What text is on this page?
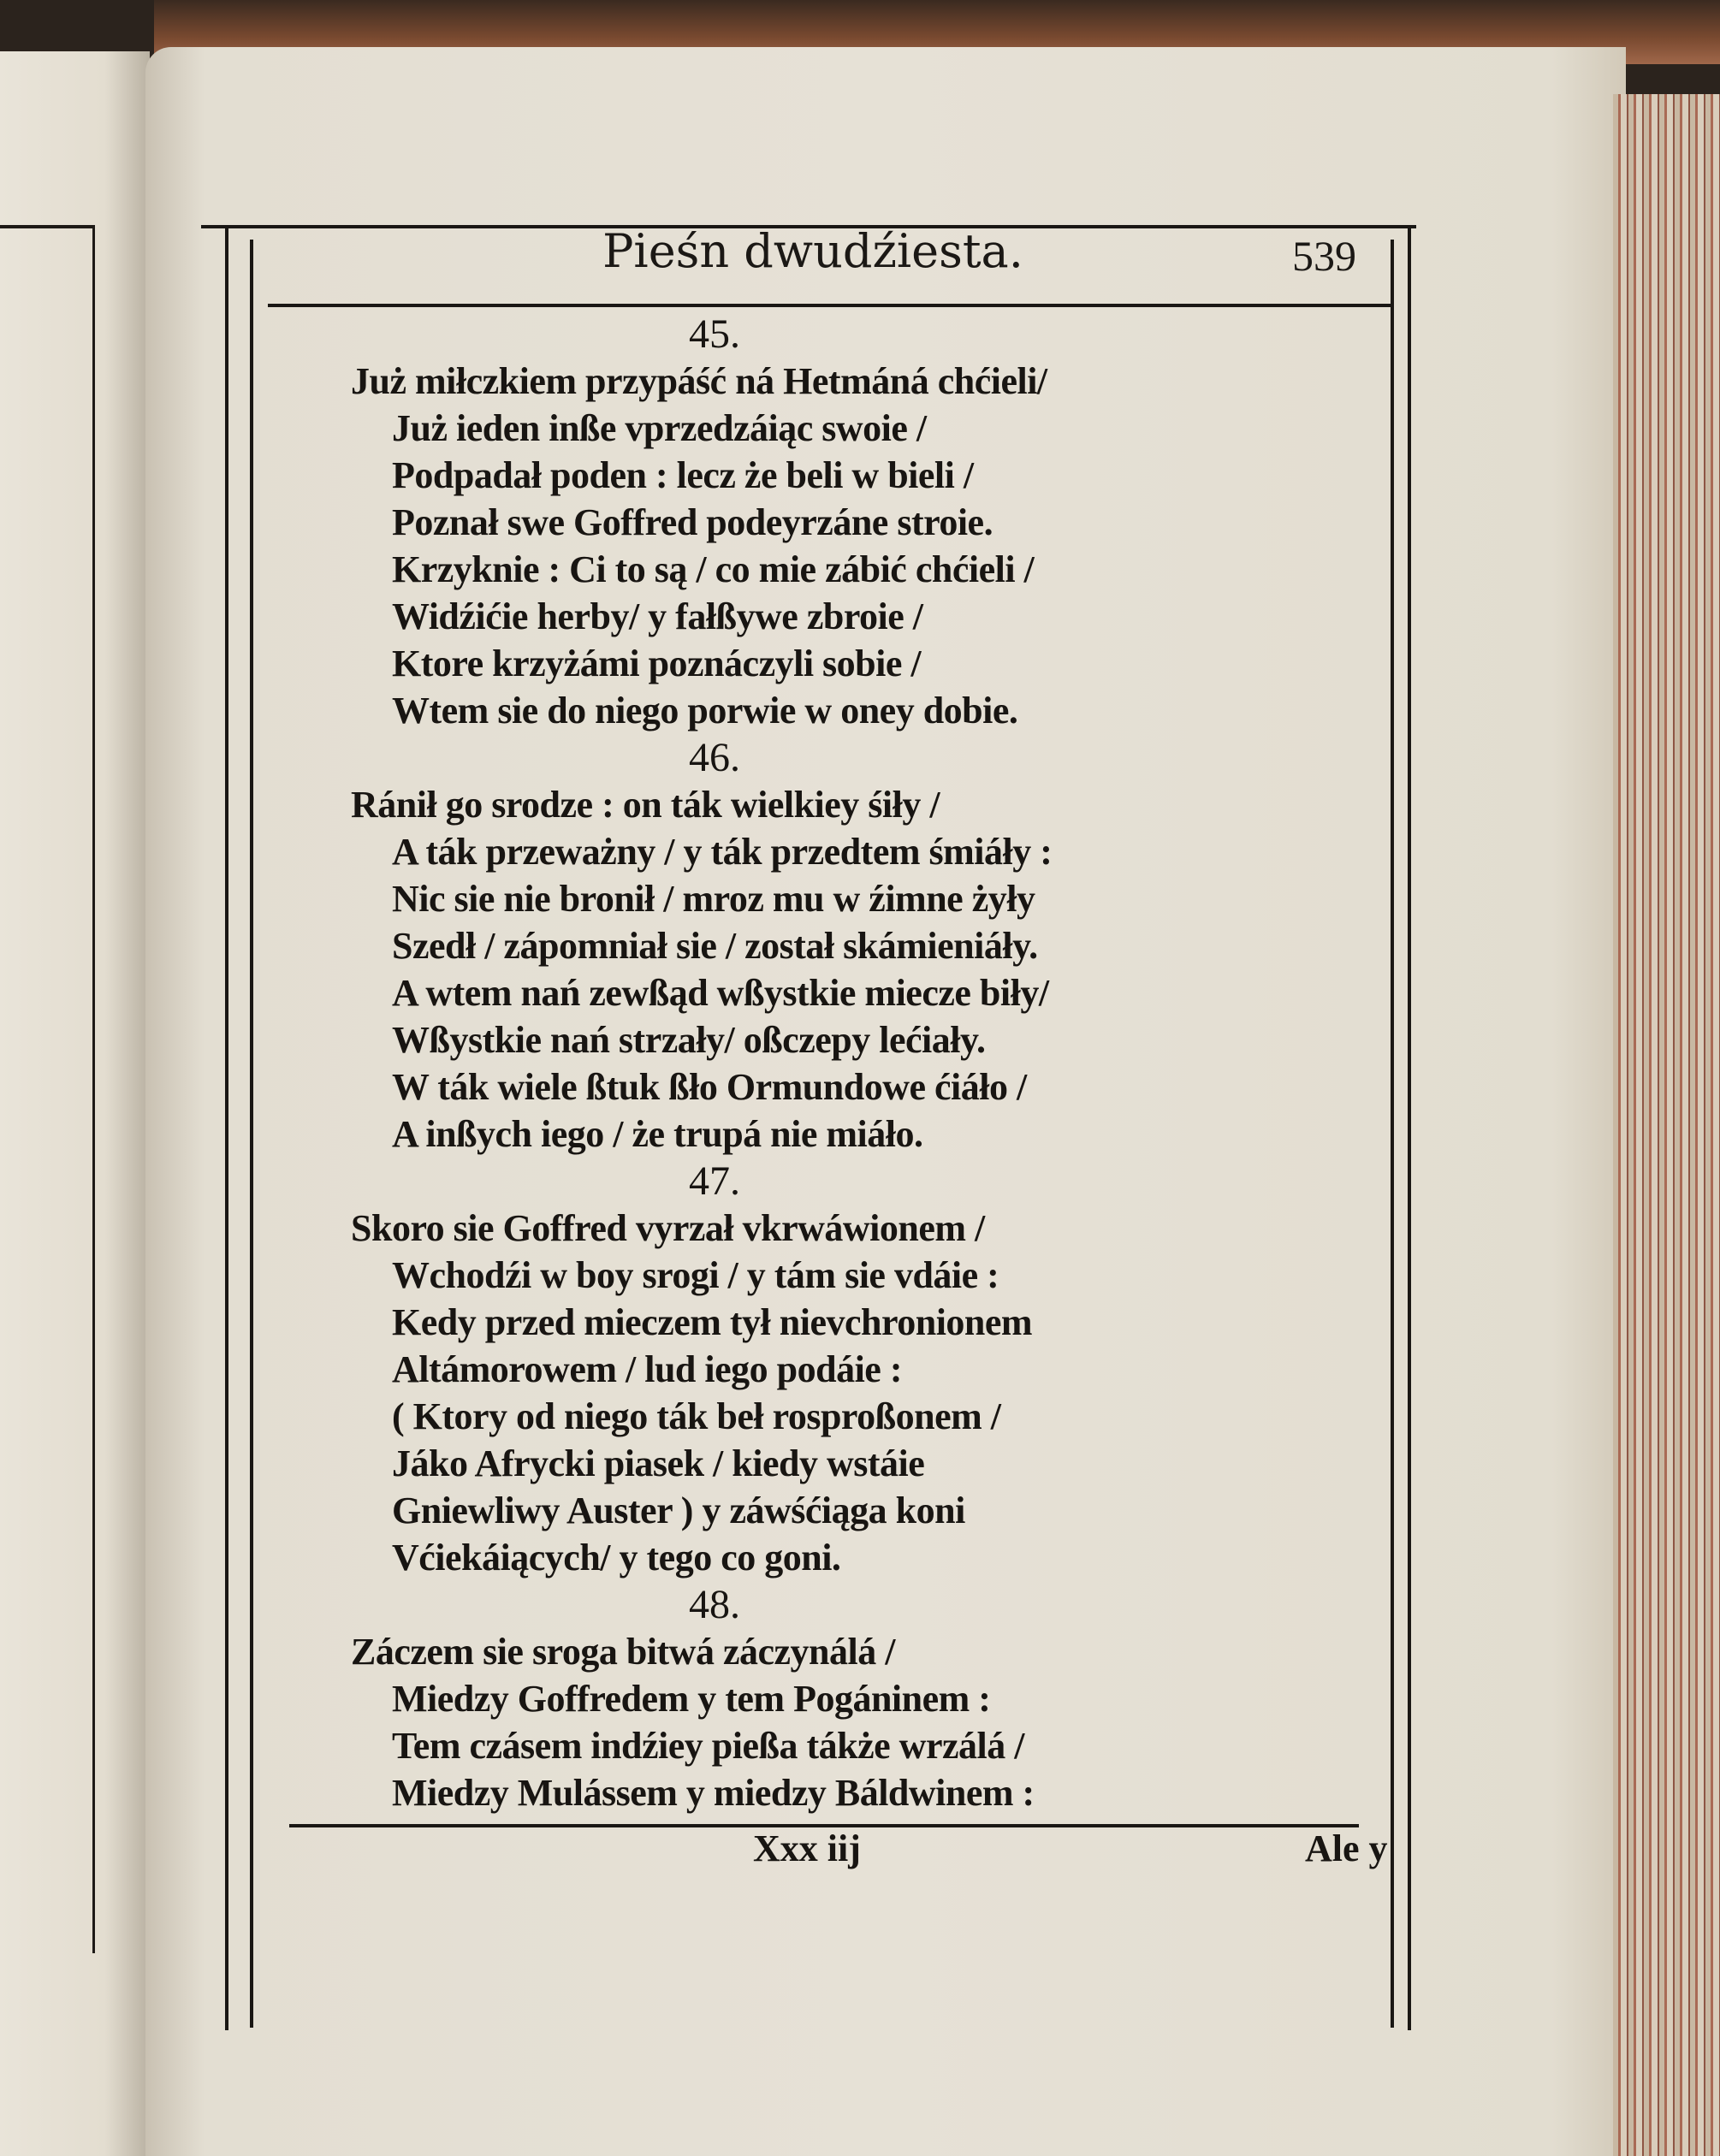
Pieśn dwudźiesta.	539
45.
Już miłczkiem przypáść ná Hetmáná chćieli/
Już ieden inße vprzedzáiąc swoie /
Podpadał poden : lecz że beli w bieli /
Poznał swe Goffred podeyrzáne stroie.
Krzyknie : Ci to są / co mie zábić chćieli /
Widźićie herby/ y fałßywe zbroie /
Ktore krzyżámi poznáczyli sobie /
Wtem sie do niego porwie w oney dobie.
46.
Ránił go srodze : on ták wielkiey śiły /
A ták przeważny / y ták przedtem śmiáły :
Nic sie nie bronił / mroz mu w źimne żyły
Szedł / zápomniał sie / został skámieniáły.
A wtem nań zewßąd wßystkie miecze biły/
Wßystkie nań strzały/ oßczepy lećiały.
W ták wiele ßtuk ßło Ormundowe ćiáło /
A inßych iego / że trupá nie miáło.
47.
Skoro sie Goffred vyrzał vkrwáwionem /
Wchodźi w boy srogi / y tám sie vdáie :
Kedy przed mieczem tył nievchronionem
Altámorowem / lud iego podáie :
( Ktory od niego ták beł rosproßonem /
Jáko Afrycki piasek / kiedy wstáie
Gniewliwy Auster ) y záwśćiąga koni
Vćiekáiących/ y tego co goni.
48.
Záczem sie sroga bitwá záczynálá /
Miedzy Goffredem y tem Pogáninem :
Tem czásem indźiey pießa tákże wrzálá /
Miedzy Mulássem y miedzy Báldwinem :
Xxx iij	Ale y
